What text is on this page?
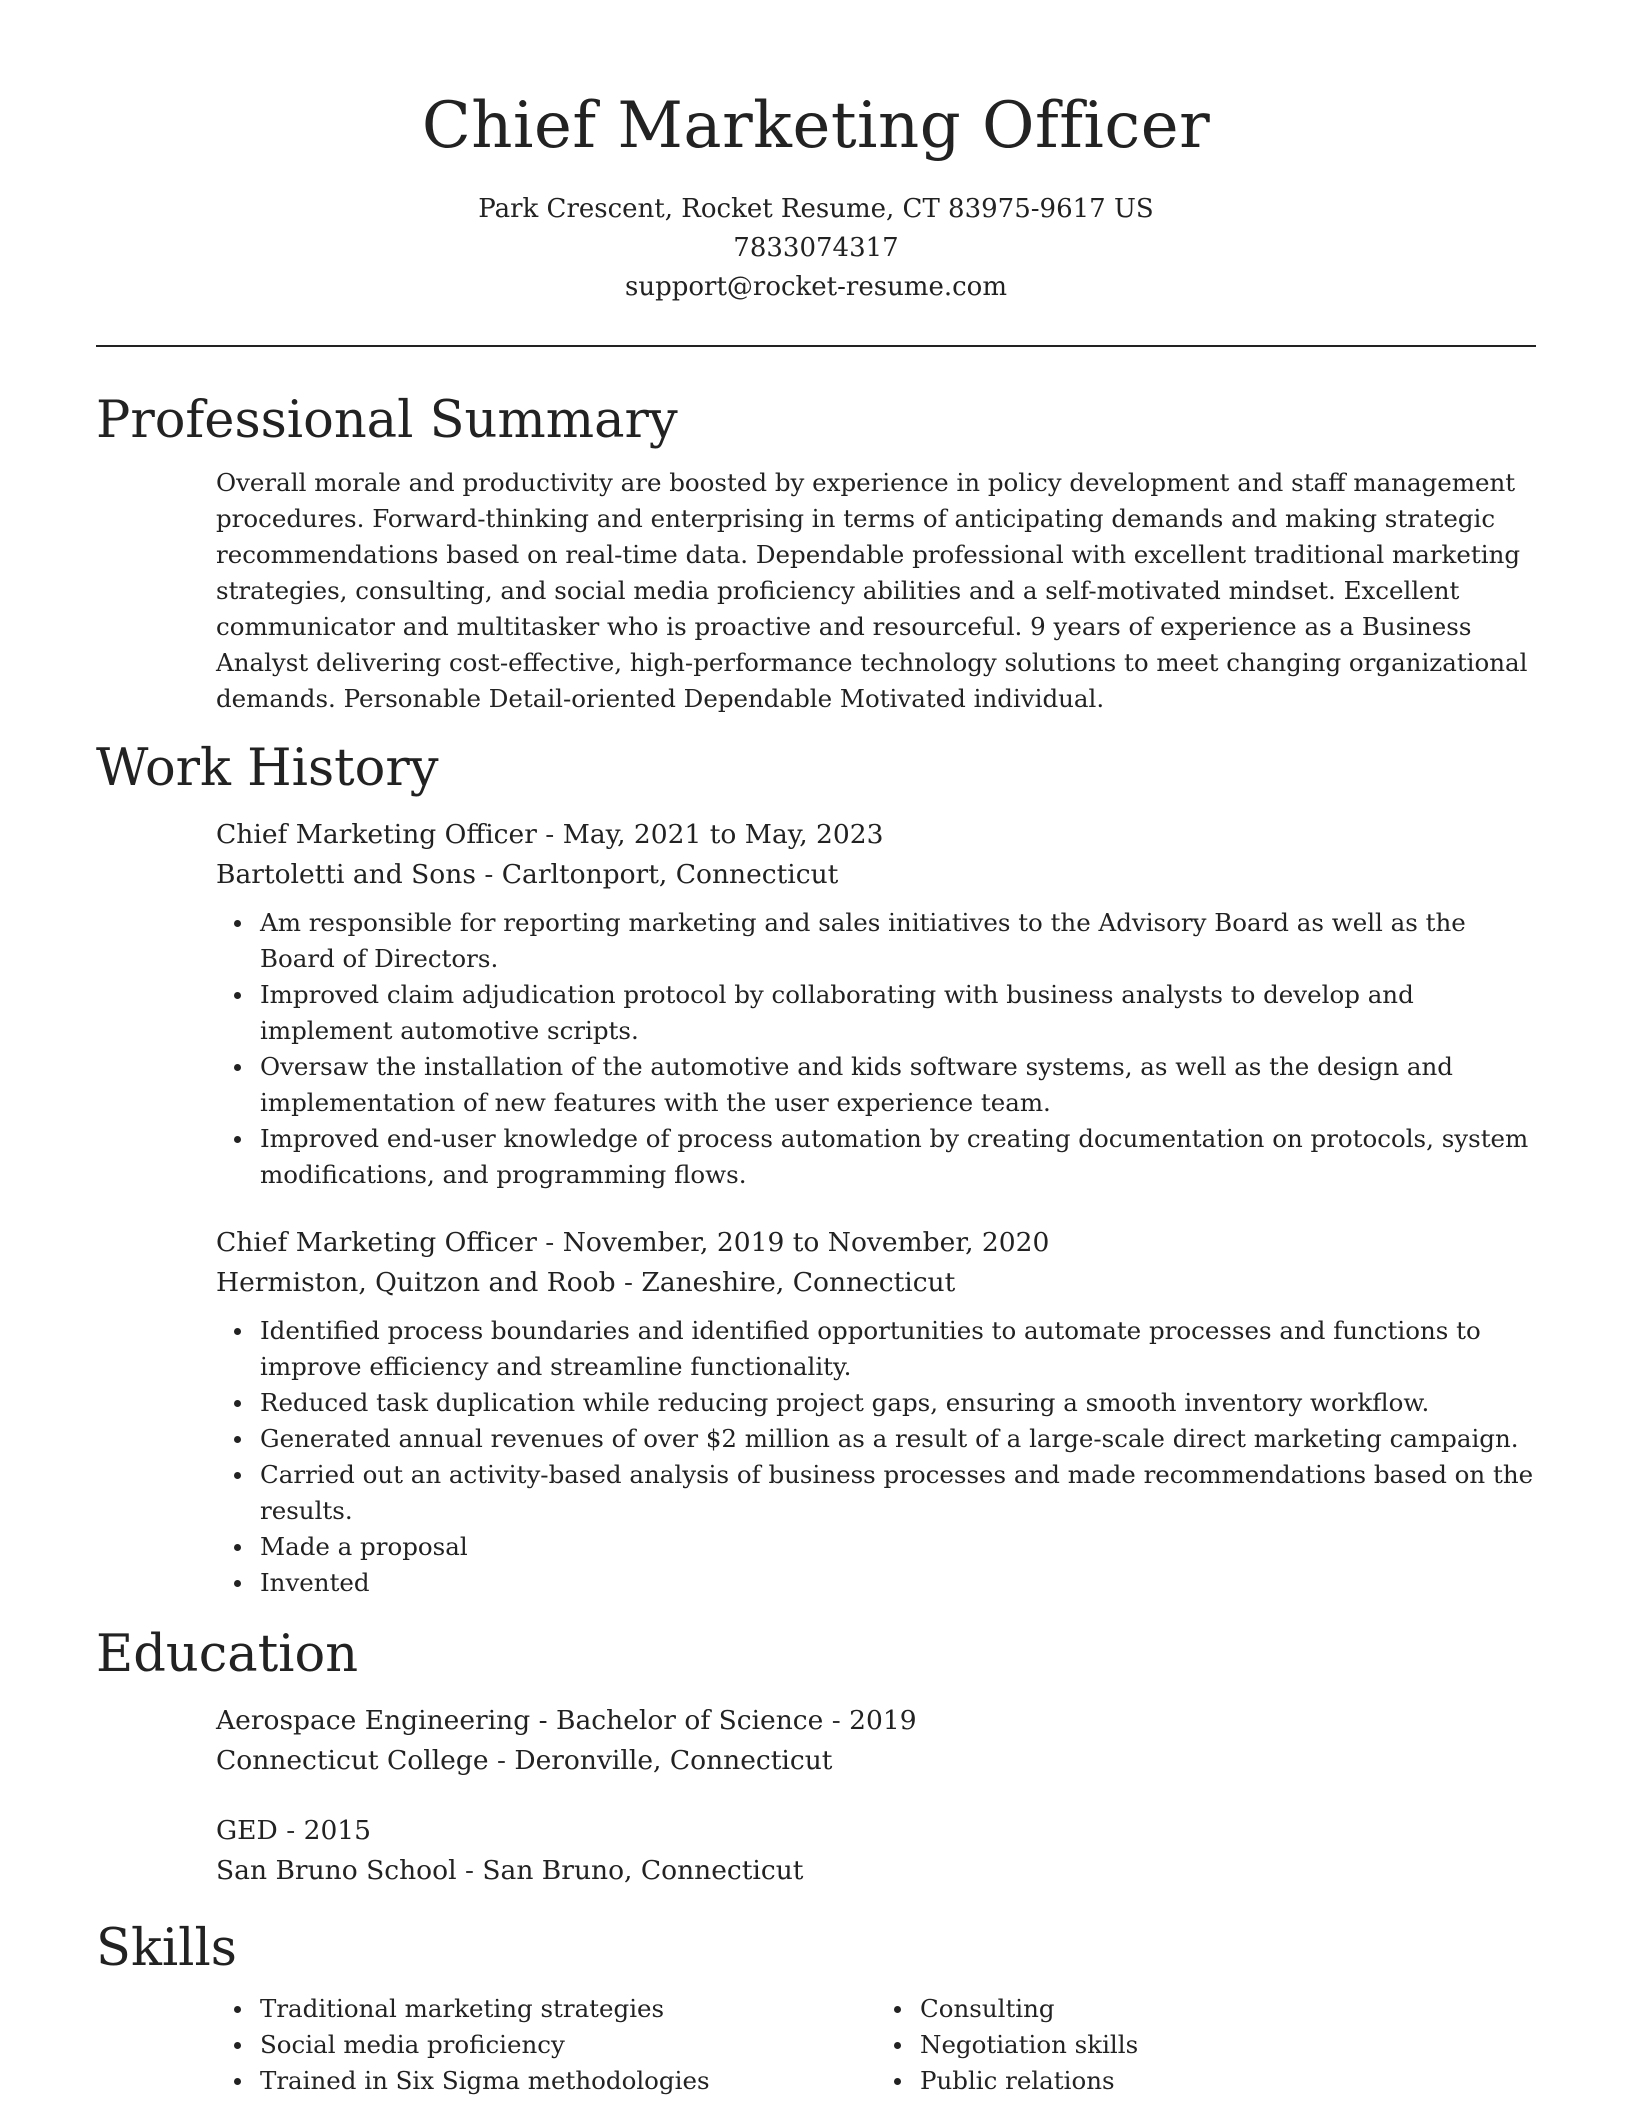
Chief Marketing Officer
Park Crescent, Rocket Resume, CT 83975-9617 US
7833074317
support@rocket-resume.com
Professional Summary
Overall morale and productivity are boosted by experience in policy development and staff management procedures. Forward-thinking and enterprising in terms of anticipating demands and making strategic recommendations based on real-time data. Dependable professional with excellent traditional marketing strategies, consulting, and social media proficiency abilities and a self-motivated mindset. Excellent communicator and multitasker who is proactive and resourceful. 9 years of experience as a Business Analyst delivering cost-effective, high-performance technology solutions to meet changing organizational demands. Personable Detail-oriented Dependable Motivated individual.
Work History
Chief Marketing Officer - May, 2021 to May, 2023
Bartoletti and Sons - Carltonport, Connecticut
Am responsible for reporting marketing and sales initiatives to the Advisory Board as well as the Board of Directors.
Improved claim adjudication protocol by collaborating with business analysts to develop and implement automotive scripts.
Oversaw the installation of the automotive and kids software systems, as well as the design and implementation of new features with the user experience team.
Improved end-user knowledge of process automation by creating documentation on protocols, system modifications, and programming flows.
Chief Marketing Officer - November, 2019 to November, 2020
Hermiston, Quitzon and Roob - Zaneshire, Connecticut
Identified process boundaries and identified opportunities to automate processes and functions to improve efficiency and streamline functionality.
Reduced task duplication while reducing project gaps, ensuring a smooth inventory workflow.
Generated annual revenues of over $2 million as a result of a large-scale direct marketing campaign.
Carried out an activity-based analysis of business processes and made recommendations based on the results.
Made a proposal
Invented
Education
Aerospace Engineering - Bachelor of Science - 2019
Connecticut College - Deronville, Connecticut
GED - 2015
San Bruno School - San Bruno, Connecticut
Skills
Traditional marketing strategies
Social media proficiency
Trained in Six Sigma methodologies
Consulting
Negotiation skills
Public relations
